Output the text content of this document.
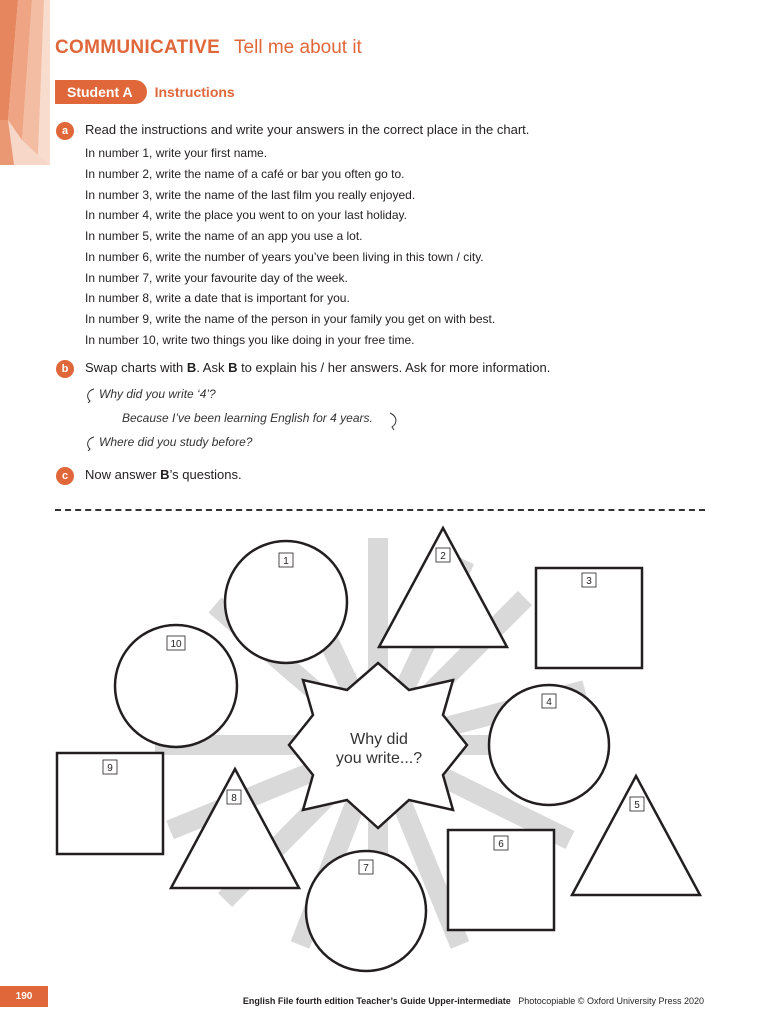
COMMUNICATIVE Tell me about it
Student A	Instructions
a	Read the instructions and write your answers in the correct place in the chart.
In number 1, write your first name.
In number 2, write the name of a café or bar you often go to.
In number 3, write the name of the last film you really enjoyed.
In number 4, write the place you went to on your last holiday.
In number 5, write the name of an app you use a lot.
In number 6, write the number of years you’ve been living in this town / city.
In number 7, write your favourite day of the week.
In number 8, write a date that is important for you.
In number 9, write the name of the person in your family you get on with best.
In number 10, write two things you like doing in your free time.
b	Swap charts with B. Ask B to explain his / her answers. Ask for more information.
Why did you write ‘4’?
Because I’ve been learning English for 4 years.
Where did you study before?
c	Now answer B’s questions.
Why did
you write...?
1	2
3
4
5
6
7
8
9
10
190	English File fourth edition Teacher’s Guide Upper-intermediate Photocopiable © Oxford University Press 2020
